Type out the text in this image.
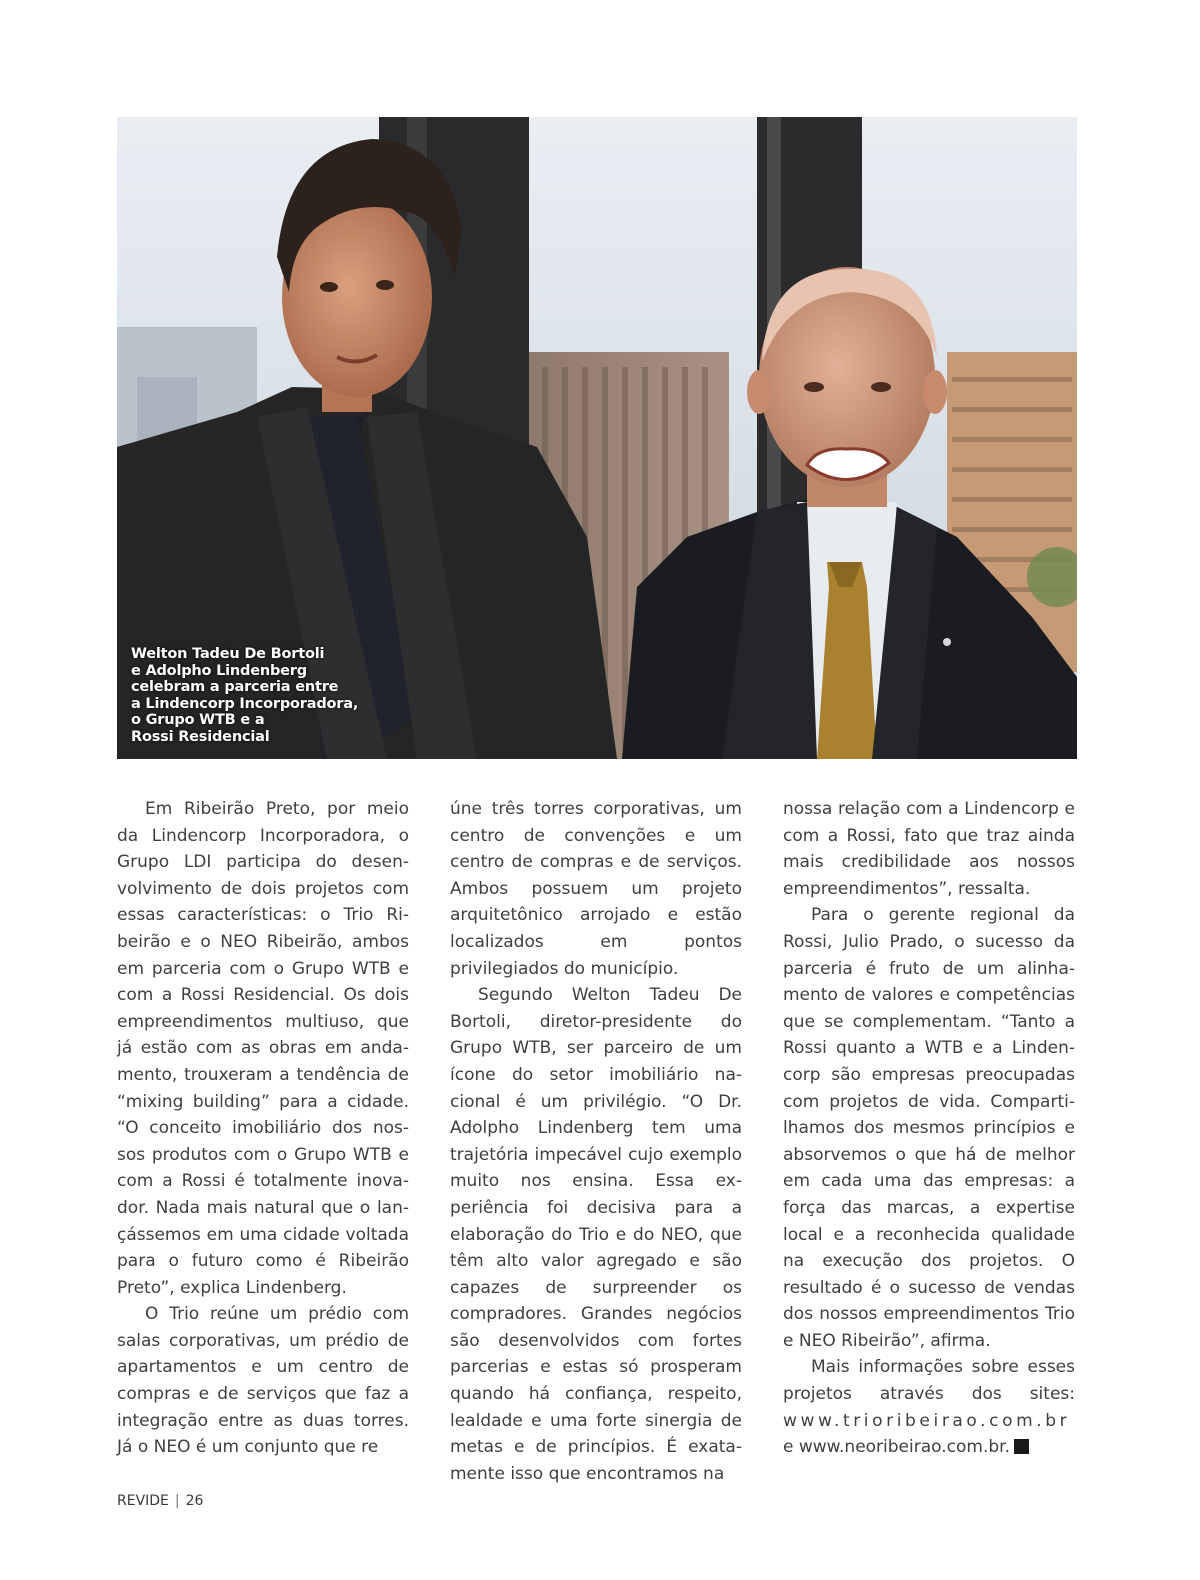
Welton Tadeu De Bortoli
e Adolpho Lindenberg
celebram a parceria entre
a Lindencorp Incorporadora,
o Grupo WTB e a
Rossi Residencial

Em Ribeirão Preto, por meio da Lindencorp Incorporadora, o Grupo LDI participa do desenvolvimento de dois projetos com essas características: o Trio Ribeirão e o NEO Ribeirão, ambos em parceria com o Grupo WTB e com a Rossi Residencial. Os dois empreendimentos multiuso, que já estão com as obras em andamento, trouxeram a tendência de “mixing building” para a cidade. “O conceito imobiliário dos nossos produtos com o Grupo WTB e com a Rossi é totalmente inovador. Nada mais natural que o lançássemos em uma cidade voltada para o futuro como é Ribeirão Preto”, explica Lindenberg.

O Trio reúne um prédio com salas corporativas, um prédio de apartamentos e um centro de compras e de serviços que faz a integração entre as duas torres. Já o NEO é um conjunto que re

úne três torres corporativas, um centro de convenções e um centro de compras e de serviços. Ambos possuem um projeto arquitetônico arrojado e estão localizados em pontos privilegiados do município.

Segundo Welton Tadeu De Bortoli, diretor-presidente do Grupo WTB, ser parceiro de um ícone do setor imobiliário nacional é um privilégio. “O Dr. Adolpho Lindenberg tem uma trajetória impecável cujo exemplo muito nos ensina. Essa experiência foi decisiva para a elaboração do Trio e do NEO, que têm alto valor agregado e são capazes de surpreender os compradores. Grandes negócios são desenvolvidos com fortes parcerias e estas só prosperam quando há confiança, respeito, lealdade e uma forte sinergia de metas e de princípios. É exatamente isso que encontramos na

nossa relação com a Lindencorp e com a Rossi, fato que traz ainda mais credibilidade aos nossos empreendimentos”, ressalta.

Para o gerente regional da Rossi, Julio Prado, o sucesso da parceria é fruto de um alinhamento de valores e competências que se complementam. “Tanto a Rossi quanto a WTB e a Lindencorp são empresas preocupadas com projetos de vida. Compartilhamos dos mesmos princípios e absorvemos o que há de melhor em cada uma das empresas: a força das marcas, a expertise local e a reconhecida qualidade na execução dos projetos. O resultado é o sucesso de vendas dos nossos empreendimentos Trio e NEO Ribeirão”, afirma.

Mais informações sobre esses projetos através dos sites: www.trioribeirao.com.br e www.neoribeirao.com.br.r

REVIDE | 26
